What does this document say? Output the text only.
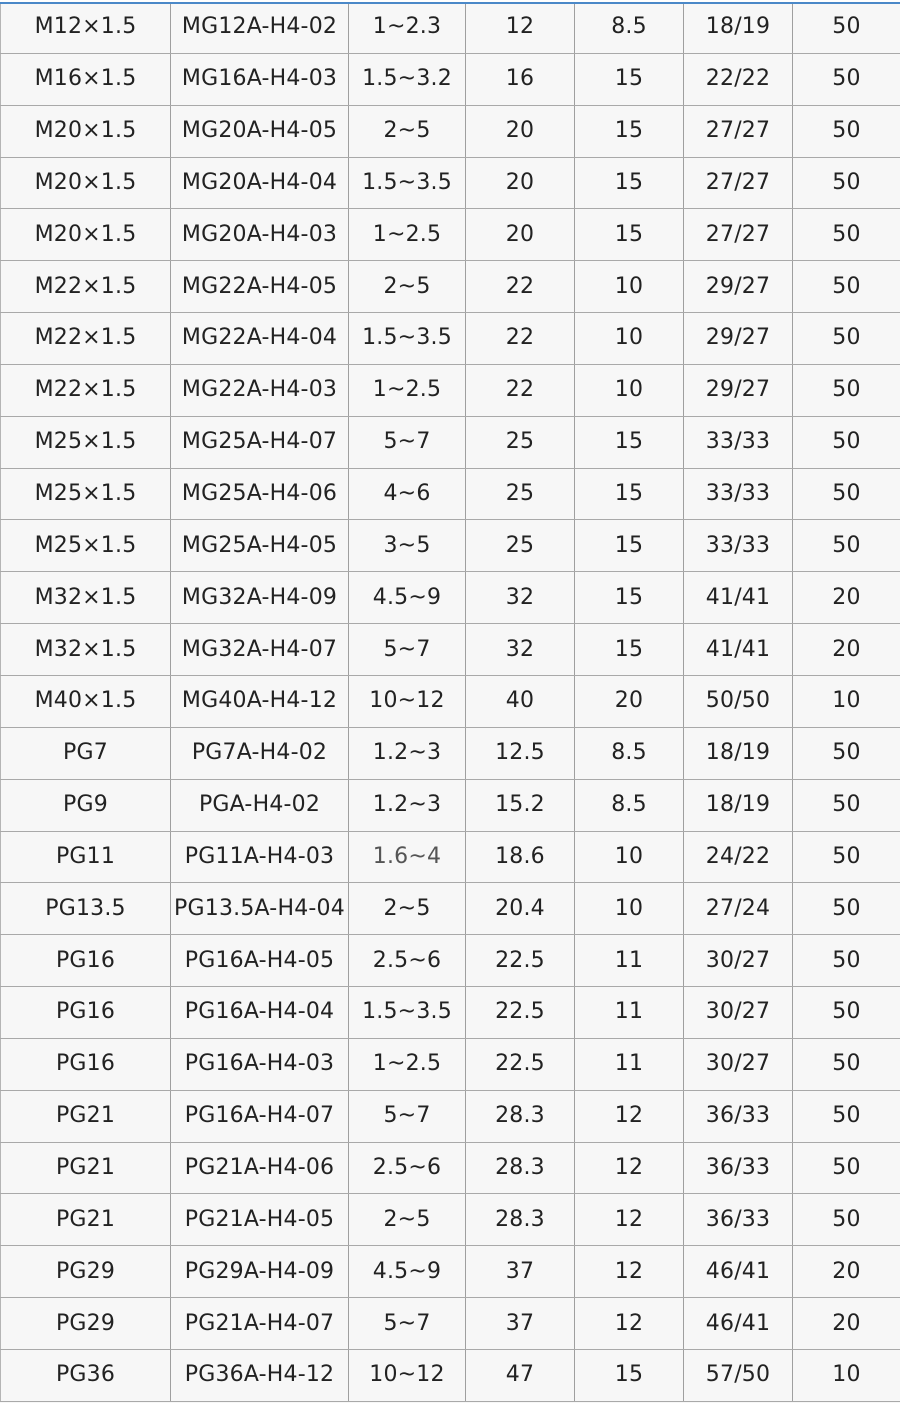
M12×1.5	MG12A-H4-02	1~2.3	12	8.5	18/19	50
M16×1.5	MG16A-H4-03	1.5~3.2	16	15	22/22	50
M20×1.5	MG20A-H4-05	2~5	20	15	27/27	50
M20×1.5	MG20A-H4-04	1.5~3.5	20	15	27/27	50
M20×1.5	MG20A-H4-03	1~2.5	20	15	27/27	50
M22×1.5	MG22A-H4-05	2~5	22	10	29/27	50
M22×1.5	MG22A-H4-04	1.5~3.5	22	10	29/27	50
M22×1.5	MG22A-H4-03	1~2.5	22	10	29/27	50
M25×1.5	MG25A-H4-07	5~7	25	15	33/33	50
M25×1.5	MG25A-H4-06	4~6	25	15	33/33	50
M25×1.5	MG25A-H4-05	3~5	25	15	33/33	50
M32×1.5	MG32A-H4-09	4.5~9	32	15	41/41	20
M32×1.5	MG32A-H4-07	5~7	32	15	41/41	20
M40×1.5	MG40A-H4-12	10~12	40	20	50/50	10
PG7	PG7A-H4-02	1.2~3	12.5	8.5	18/19	50
PG9	PGA-H4-02	1.2~3	15.2	8.5	18/19	50
PG11	PG11A-H4-03	1.6~4	18.6	10	24/22	50
PG13.5	PG13.5A-H4-04	2~5	20.4	10	27/24	50
PG16	PG16A-H4-05	2.5~6	22.5	11	30/27	50
PG16	PG16A-H4-04	1.5~3.5	22.5	11	30/27	50
PG16	PG16A-H4-03	1~2.5	22.5	11	30/27	50
PG21	PG16A-H4-07	5~7	28.3	12	36/33	50
PG21	PG21A-H4-06	2.5~6	28.3	12	36/33	50
PG21	PG21A-H4-05	2~5	28.3	12	36/33	50
PG29	PG29A-H4-09	4.5~9	37	12	46/41	20
PG29	PG21A-H4-07	5~7	37	12	46/41	20
PG36	PG36A-H4-12	10~12	47	15	57/50	10
